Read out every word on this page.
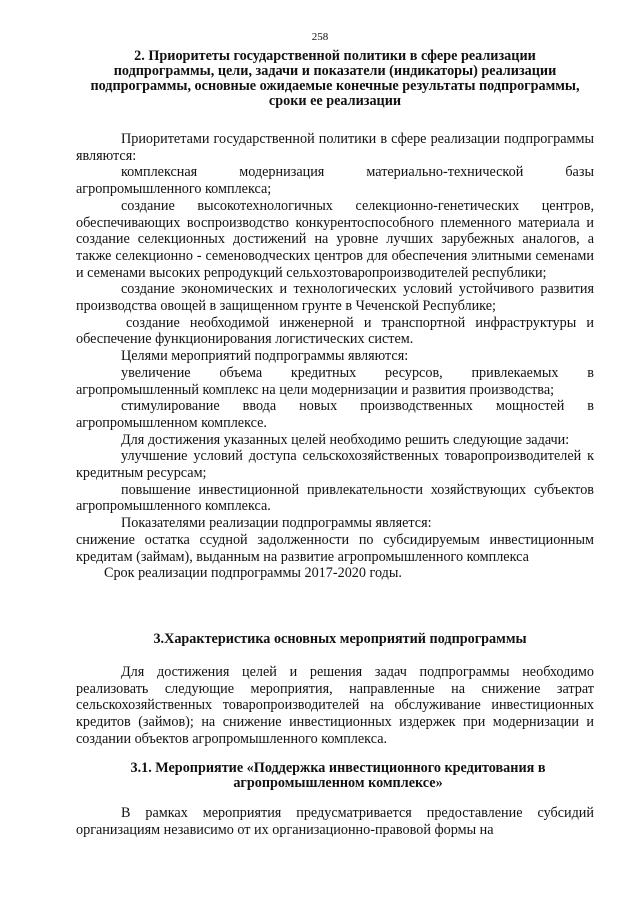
258
2. Приоритеты государственной политики в сфере реализации подпрограммы, цели, задачи и показатели (индикаторы) реализации подпрограммы, основные ожидаемые конечные результаты подпрограммы, сроки ее реализации

Приоритетами государственной политики в сфере реализации подпрограммы являются:

комплексная модернизация материально-технической базы агропромышленного комплекса;

создание высокотехнологичных селекционно-генетических центров, обеспечивающих воспроизводство конкурентоспособного племенного материала и создание селекционных достижений на уровне лучших зарубежных аналогов, а также селекционно - семеноводческих центров для обеспечения элитными семенами и семенами высоких репродукций сельхозтоваропроизводителей республики;

создание экономических и технологических условий устойчивого развития производства овощей в защищенном грунте в Чеченской Республике;

создание необходимой инженерной и транспортной инфраструктуры и обеспечение функционирования логистических систем.

Целями мероприятий подпрограммы являются:

увеличение объема кредитных ресурсов, привлекаемых в агропромышленный комплекс на цели модернизации и развития производства;

стимулирование ввода новых производственных мощностей в агропромышленном комплексе.

Для достижения указанных целей необходимо решить следующие задачи:

улучшение условий доступа сельскохозяйственных товаропроизводителей к кредитным ресурсам;

повышение инвестиционной привлекательности хозяйствующих субъектов агропромышленного комплекса.

Показателями реализации подпрограммы является:

снижение остатка ссудной задолженности по субсидируемым инвестиционным кредитам (займам), выданным на развитие агропромышленного комплекса

Срок реализации подпрограммы 2017-2020 годы.

3.Характеристика основных мероприятий подпрограммы

Для достижения целей и решения задач подпрограммы необходимо реализовать следующие мероприятия, направленные на снижение затрат сельскохозяйственных товаропроизводителей на обслуживание инвестиционных кредитов (займов); на снижение инвестиционных издержек при модернизации и создании объектов агропромышленного комплекса.

3.1. Мероприятие «Поддержка инвестиционного кредитования в агропромышленном комплексе»

В рамках мероприятия предусматривается предоставление субсидий организациям независимо от их организационно-правовой формы на
